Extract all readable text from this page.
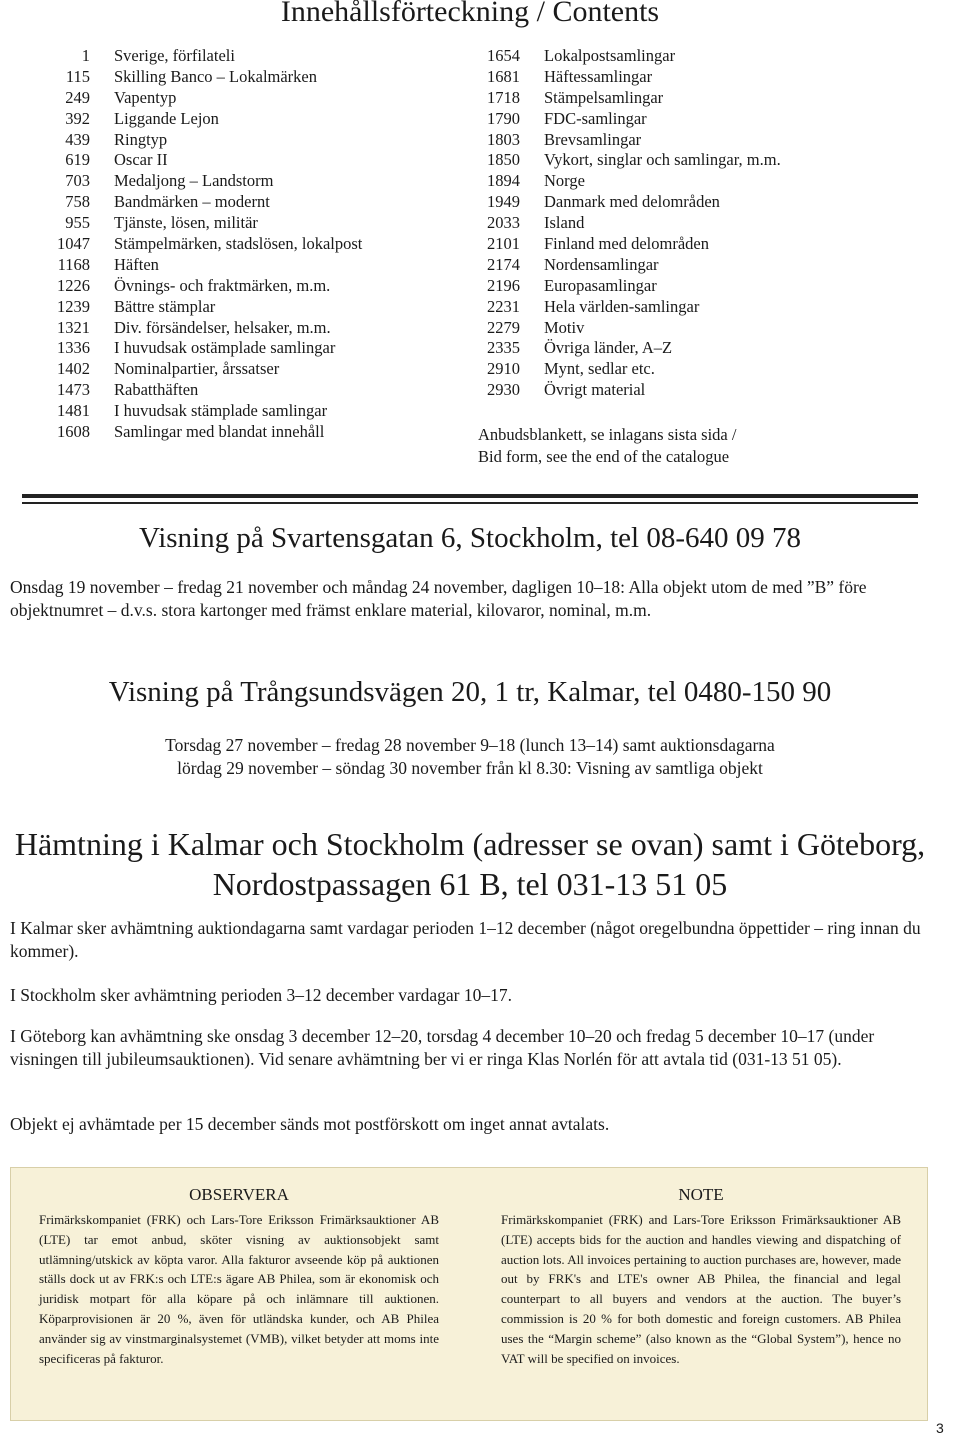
Innehållsförteckning / Contents
1	Sverige, förfilateli
115	Skilling Banco – Lokalmärken
249	Vapentyp
392	Liggande Lejon
439	Ringtyp
619	Oscar II
703	Medaljong – Landstorm
758	Bandmärken – modernt
955	Tjänste, lösen, militär
1047	Stämpelmärken, stadslösen, lokalpost
1168	Häften
1226	Övnings- och fraktmärken, m.m.
1239	Bättre stämplar
1321	Div. försändelser, helsaker, m.m.
1336	I huvudsak ostämplade samlingar
1402	Nominalpartier, årssatser
1473	Rabatthäften
1481	I huvudsak stämplade samlingar
1608	Samlingar med blandat innehåll
1654	Lokalpostsamlingar
1681	Häftessamlingar
1718	Stämpelsamlingar
1790	FDC-samlingar
1803	Brevsamlingar
1850	Vykort, singlar och samlingar, m.m.
1894	Norge
1949	Danmark med delområden
2033	Island
2101	Finland med delområden
2174	Nordensamlingar
2196	Europasamlingar
2231	Hela världen-samlingar
2279	Motiv
2335	Övriga länder, A–Z
2910	Mynt, sedlar etc.
2930	Övrigt material
Anbudsblankett, se inlagans sista sida /
Bid form, see the end of the catalogue
Visning på Svartensgatan 6, Stockholm, tel 08-640 09 78
Onsdag 19 november – fredag 21 november och måndag 24 november, dagligen 10–18: Alla objekt utom de med ”B” före objektnumret – d.v.s. stora kartonger med främst enklare material, kilovaror, nominal, m.m.
Visning på Trångsundsvägen 20, 1 tr, Kalmar, tel 0480-150 90
Torsdag 27 november – fredag 28 november 9–18 (lunch 13–14) samt auktionsdagarna
lördag 29 november – söndag 30 november från kl 8.30: Visning av samtliga objekt
Hämtning i Kalmar och Stockholm (adresser se ovan) samt i Göteborg,
Nordostpassagen 61 B, tel 031-13 51 05
I Kalmar sker avhämtning auktiondagarna samt vardagar perioden 1–12 december (något oregelbundna öppettider – ring innan du kommer).
I Stockholm sker avhämtning perioden 3–12 december vardagar 10–17.
I Göteborg kan avhämtning ske onsdag 3 december 12–20, torsdag 4 december 10–20 och fredag 5 december 10–17 (under visningen till jubileumsauktionen). Vid senare avhämtning ber vi er ringa Klas Norlén för att avtala tid (031-13 51 05).
Objekt ej avhämtade per 15 december sänds mot postförskott om inget annat avtalats.
OBSERVERA
Frimärkskompaniet (FRK) och Lars-Tore Eriksson Frimärksauktioner AB (LTE) tar emot anbud, sköter visning av auktionsobjekt samt utlämning/utskick av köpta varor. Alla fakturor avseende köp på auktionen ställs dock ut av FRK:s och LTE:s ägare AB Philea, som är ekonomisk och juridisk motpart för alla köpare på och inlämnare till auktionen. Köparprovisionen är 20 %, även för utländska kunder, och AB Philea använder sig av vinstmarginalsystemet (VMB), vilket betyder att moms inte specificeras på fakturor.
NOTE
Frimärkskompaniet (FRK) and Lars-Tore Eriksson Frimärksauktioner AB (LTE) accepts bids for the auction and handles viewing and dispatching of auction lots. All invoices pertaining to auction purchases are, however, made out by FRK's and LTE's owner AB Philea, the financial and legal counterpart to all buyers and vendors at the auction. The buyer’s commission is 20 % for both domestic and foreign customers. AB Philea uses the “Margin scheme” (also known as the “Global System”), hence no VAT will be specified on invoices.
3
